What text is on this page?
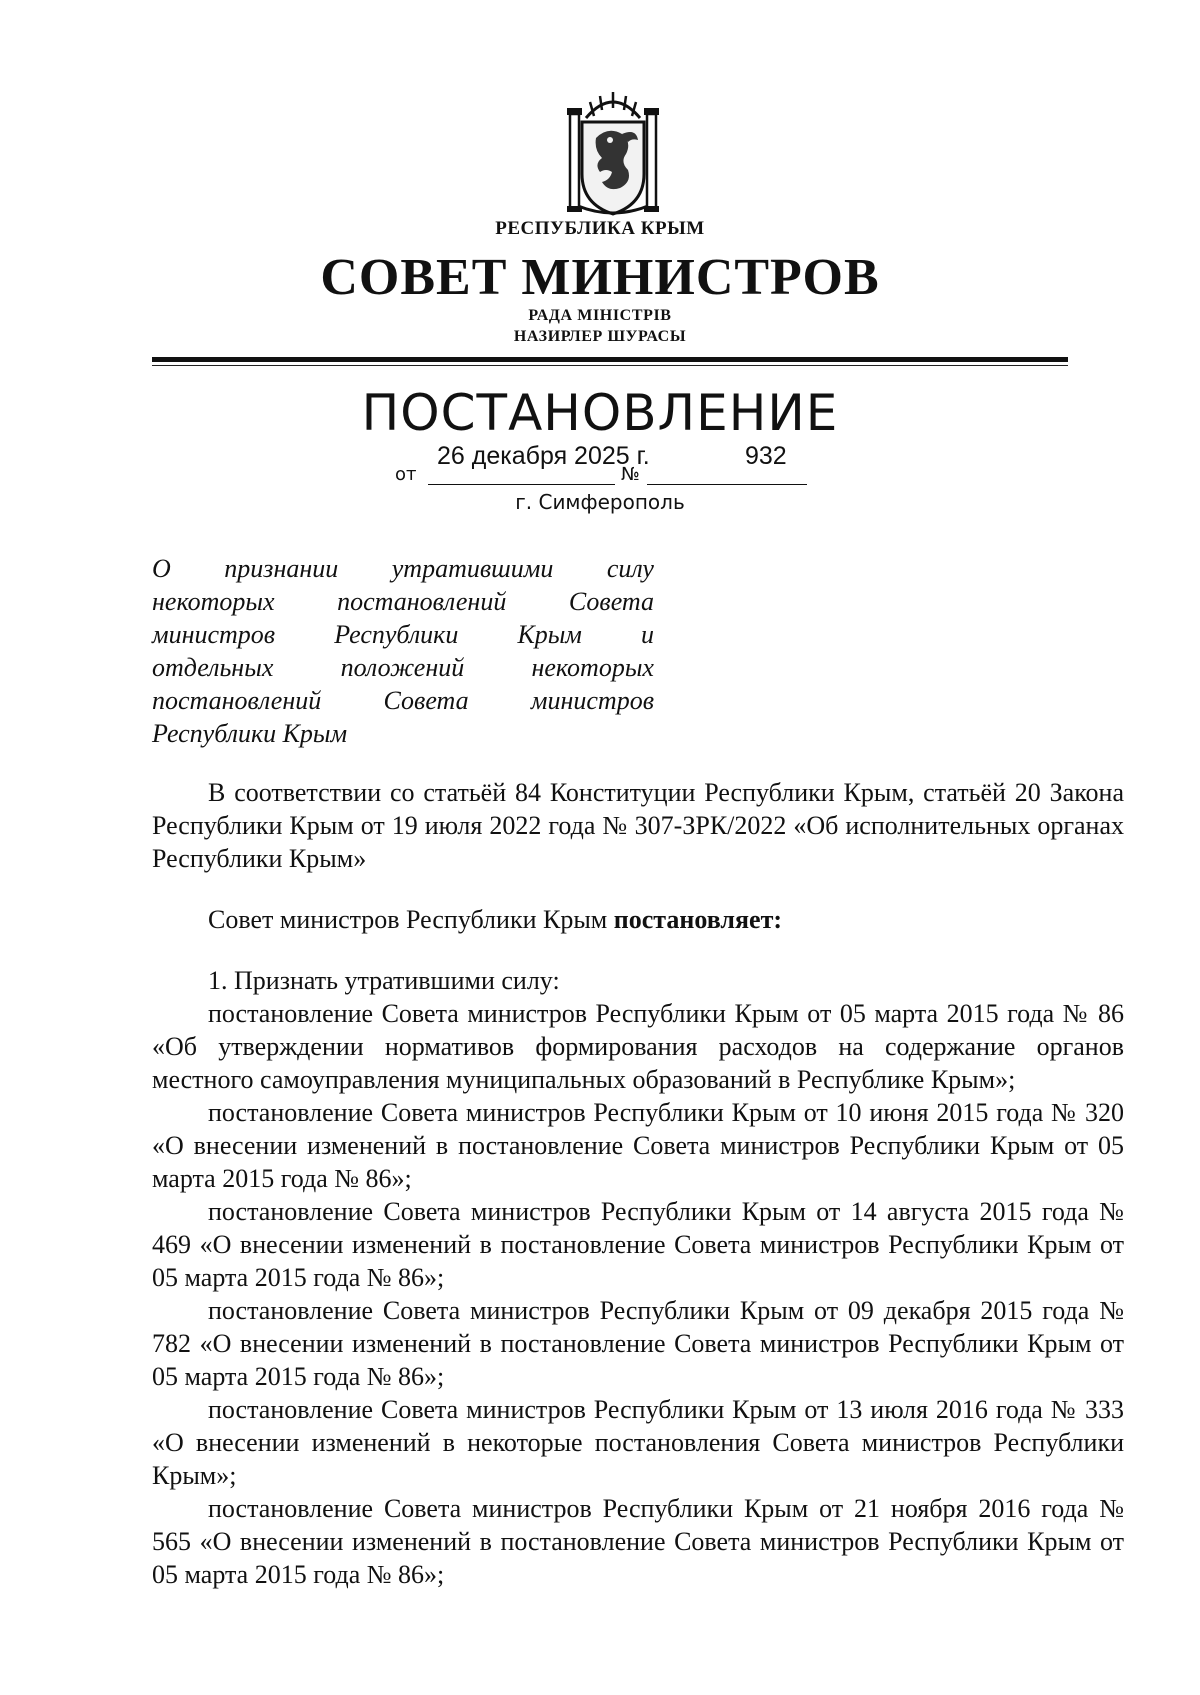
РЕСПУБЛИКА КРЫМ
СОВЕТ МИНИСТРОВ
РАДА МІНІСТРІВ
НАЗИРЛЕР ШУРАСЫ
ПОСТАНОВЛЕНИЕ
от	№
26 декабря 2025 г.	932
г. Симферополь
О признании утратившими силу
некоторых постановлений Совета
министров Республики Крым и
отдельных	положений	некоторых
постановлений Совета министров
Республики Крым

В соответствии со статьёй 84 Конституции Республики Крым, статьёй 20 Закона Республики Крым от 19 июля 2022 года № 307-ЗРК/2022 «Об исполнительных органах Республики Крым»

Совет министров Республики Крым постановляет:

1. Признать утратившими силу:

постановление Совета министров Республики Крым от 05 марта 2015 года № 86 «Об утверждении нормативов формирования расходов на содержание органов местного самоуправления муниципальных образований в Республике Крым»;

постановление Совета министров Республики Крым от 10 июня 2015 года № 320 «О внесении изменений в постановление Совета министров Республики Крым от 05 марта 2015 года № 86»;

постановление Совета министров Республики Крым от 14 августа 2015 года № 469 «О внесении изменений в постановление Совета министров Республики Крым от 05 марта 2015 года № 86»;

постановление Совета министров Республики Крым от 09 декабря 2015 года № 782 «О внесении изменений в постановление Совета министров Республики Крым от 05 марта 2015 года № 86»;

постановление Совета министров Республики Крым от 13 июля 2016 года № 333 «О внесении изменений в некоторые постановления Совета министров Республики Крым»;

постановление Совета министров Республики Крым от 21 ноября 2016 года № 565 «О внесении изменений в постановление Совета министров Республики Крым от 05 марта 2015 года № 86»;
